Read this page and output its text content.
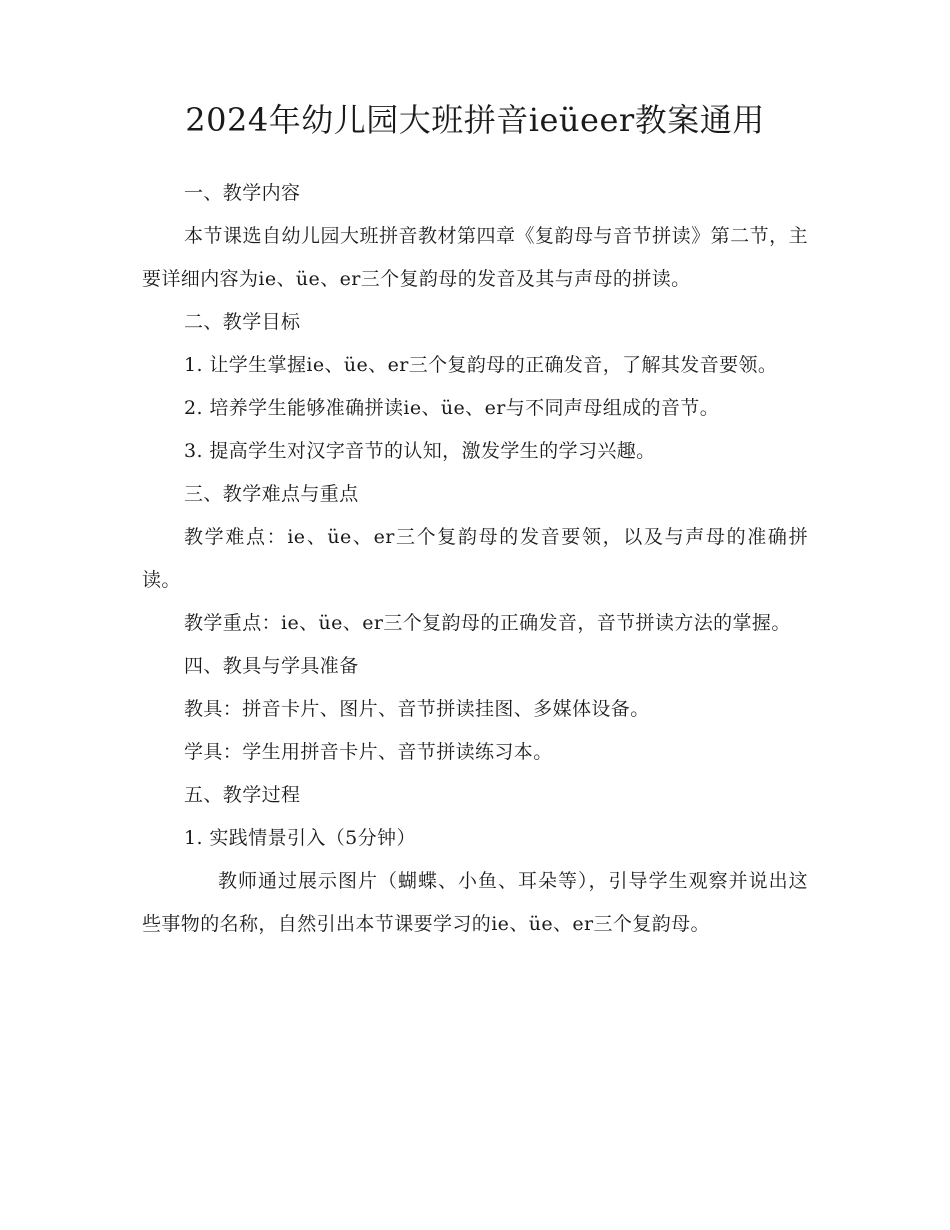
2024年幼儿园大班拼音ieüeer教案通用

一、教学内容

本节课选自幼儿园大班拼音教材第四章《复韵母与音节拼读》第二节，主要详细内容为ie、üe、er三个复韵母的发音及其与声母的拼读。

二、教学目标

1. 让学生掌握ie、üe、er三个复韵母的正确发音，了解其发音要领。

2. 培养学生能够准确拼读ie、üe、er与不同声母组成的音节。

3. 提高学生对汉字音节的认知，激发学生的学习兴趣。

三、教学难点与重点

教学难点：ie、üe、er三个复韵母的发音要领，以及与声母的准确拼读。

教学重点：ie、üe、er三个复韵母的正确发音，音节拼读方法的掌握。

四、教具与学具准备

教具：拼音卡片、图片、音节拼读挂图、多媒体设备。

学具：学生用拼音卡片、音节拼读练习本。

五、教学过程

1. 实践情景引入（5分钟）

教师通过展示图片（蝴蝶、小鱼、耳朵等），引导学生观察并说出这些事物的名称，自然引出本节课要学习的ie、üe、er三个复韵母。
